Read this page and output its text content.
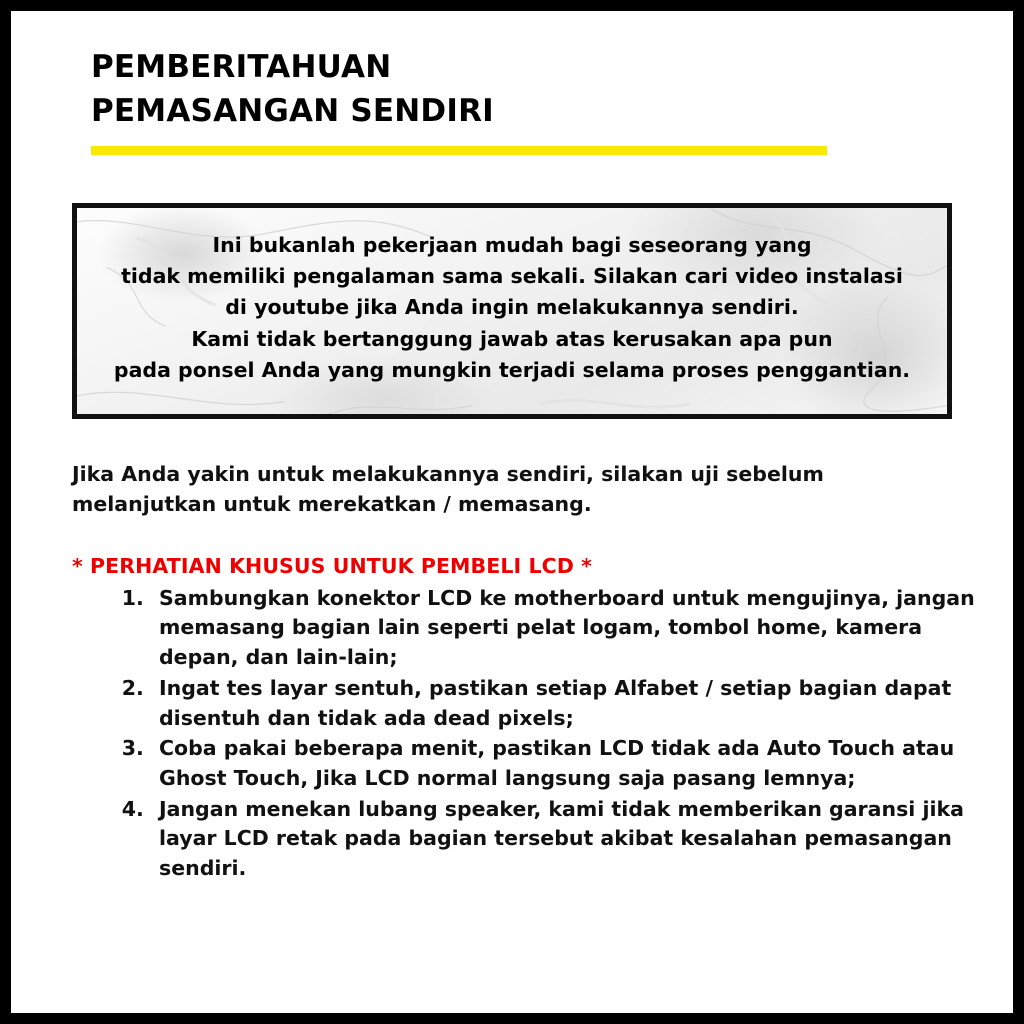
PEMBERITAHUAN
PEMASANGAN SENDIRI

Ini bukanlah pekerjaan mudah bagi seseorang yang

tidak memiliki pengalaman sama sekali. Silakan cari video instalasi

di youtube jika Anda ingin melakukannya sendiri.

Kami tidak bertanggung jawab atas kerusakan apa pun

pada ponsel Anda yang mungkin terjadi selama proses penggantian.

Jika Anda yakin untuk melakukannya sendiri, silakan uji sebelum melanjutkan untuk merekatkan / memasang.
* PERHATIAN KHUSUS UNTUK PEMBELI LCD *
1. Sambungkan konektor LCD ke motherboard untuk mengujinya, jangan memasang bagian lain seperti pelat logam, tombol home, kamera depan, dan lain-lain;
2. Ingat tes layar sentuh, pastikan setiap Alfabet / setiap bagian dapat disentuh dan tidak ada dead pixels;
3. Coba pakai beberapa menit, pastikan LCD tidak ada Auto Touch atau Ghost Touch, Jika LCD normal langsung saja pasang lemnya;
4. Jangan menekan lubang speaker, kami tidak memberikan garansi jika layar LCD retak pada bagian tersebut akibat kesalahan pemasangan sendiri.
